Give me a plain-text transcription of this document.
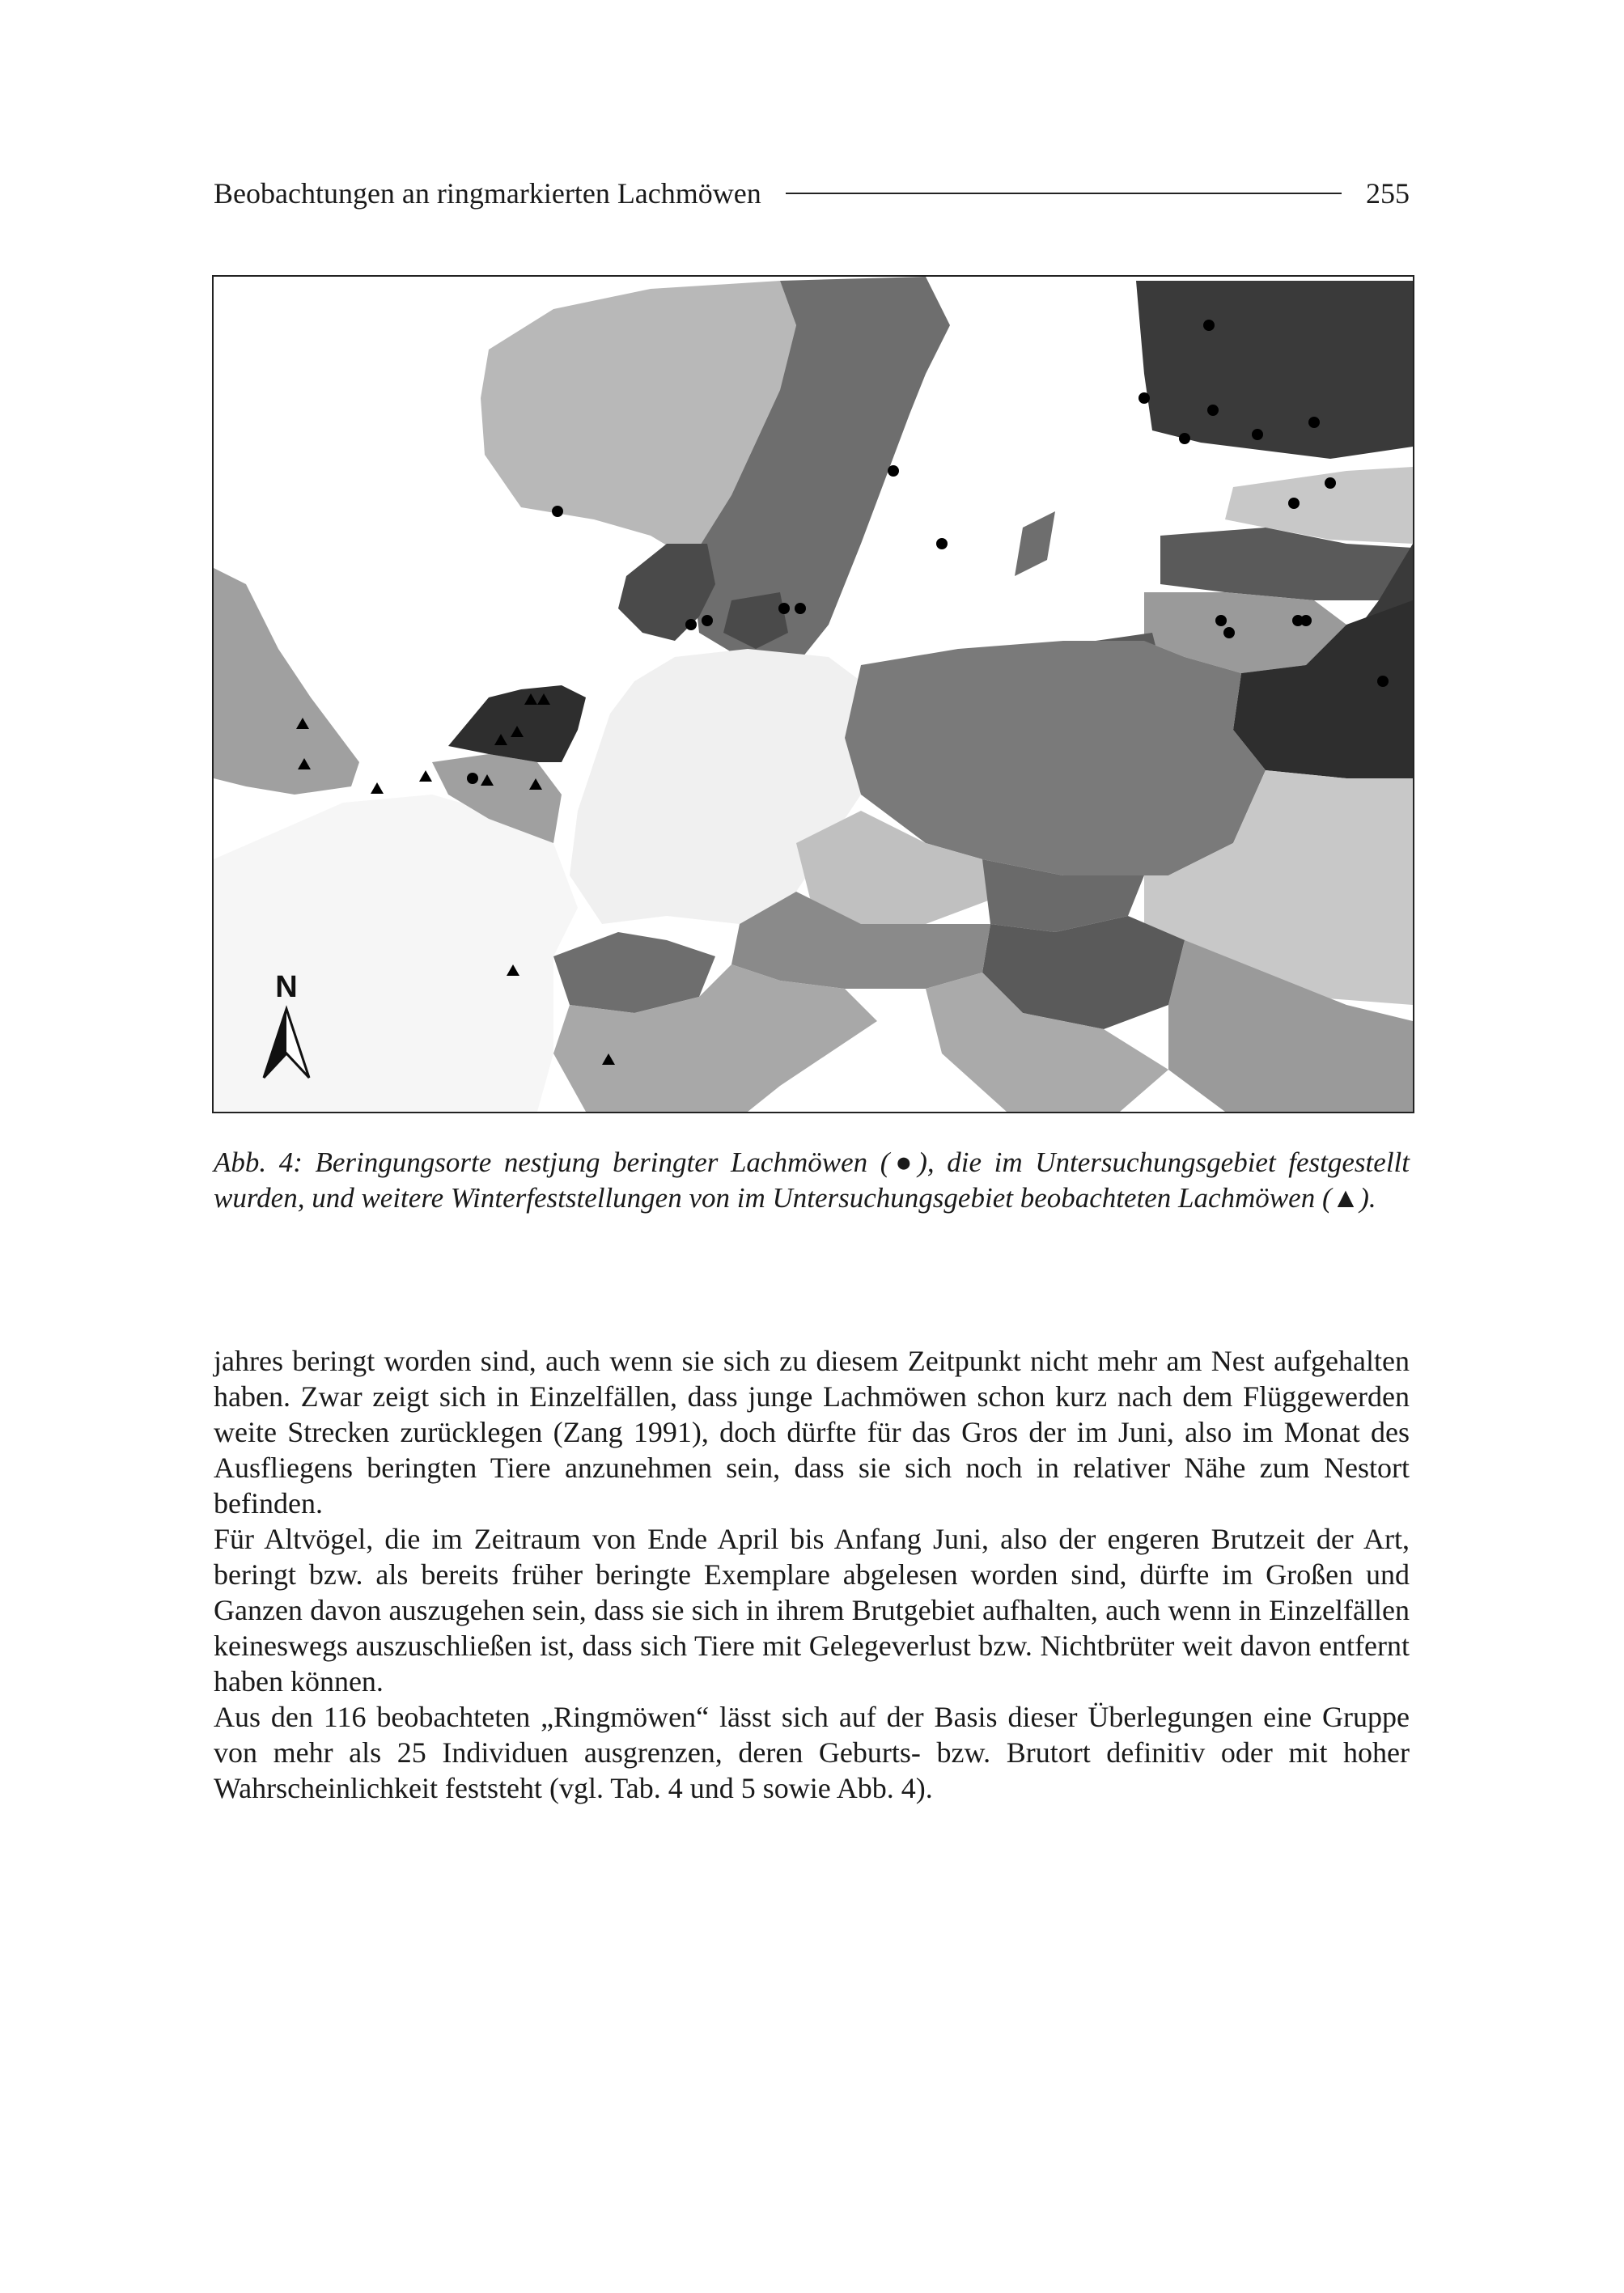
Beobachtungen an ringmarkierten Lachmöwen	255
N
Abb. 4: Beringungsorte nestjung beringter Lachmöwen (●), die im Untersuchungsgebiet festgestellt wurden, und weitere Winterfeststellungen von im Untersuchungsgebiet beobachteten Lachmöwen (▲).

jahres beringt worden sind, auch wenn sie sich zu diesem Zeitpunkt nicht mehr am Nest aufgehalten haben. Zwar zeigt sich in Einzelfällen, dass junge Lachmöwen schon kurz nach dem Flüggewerden weite Strecken zurücklegen (Zang 1991), doch dürfte für das Gros der im Juni, also im Monat des Ausfliegens beringten Tiere anzunehmen sein, dass sie sich noch in relativer Nähe zum Nestort befinden.

Für Altvögel, die im Zeitraum von Ende April bis Anfang Juni, also der engeren Brutzeit der Art, beringt bzw. als bereits früher beringte Exemplare abgelesen worden sind, dürfte im Großen und Ganzen davon auszugehen sein, dass sie sich in ihrem Brutgebiet aufhalten, auch wenn in Einzelfällen keineswegs auszuschließen ist, dass sich Tiere mit Gelegeverlust bzw. Nichtbrüter weit davon entfernt haben können.

Aus den 116 beobachteten „Ringmöwen“ lässt sich auf der Basis dieser Überlegungen eine Gruppe von mehr als 25 Individuen ausgrenzen, deren Geburts- bzw. Brutort definitiv oder mit hoher Wahrscheinlichkeit feststeht (vgl. Tab. 4 und 5 sowie Abb. 4).
